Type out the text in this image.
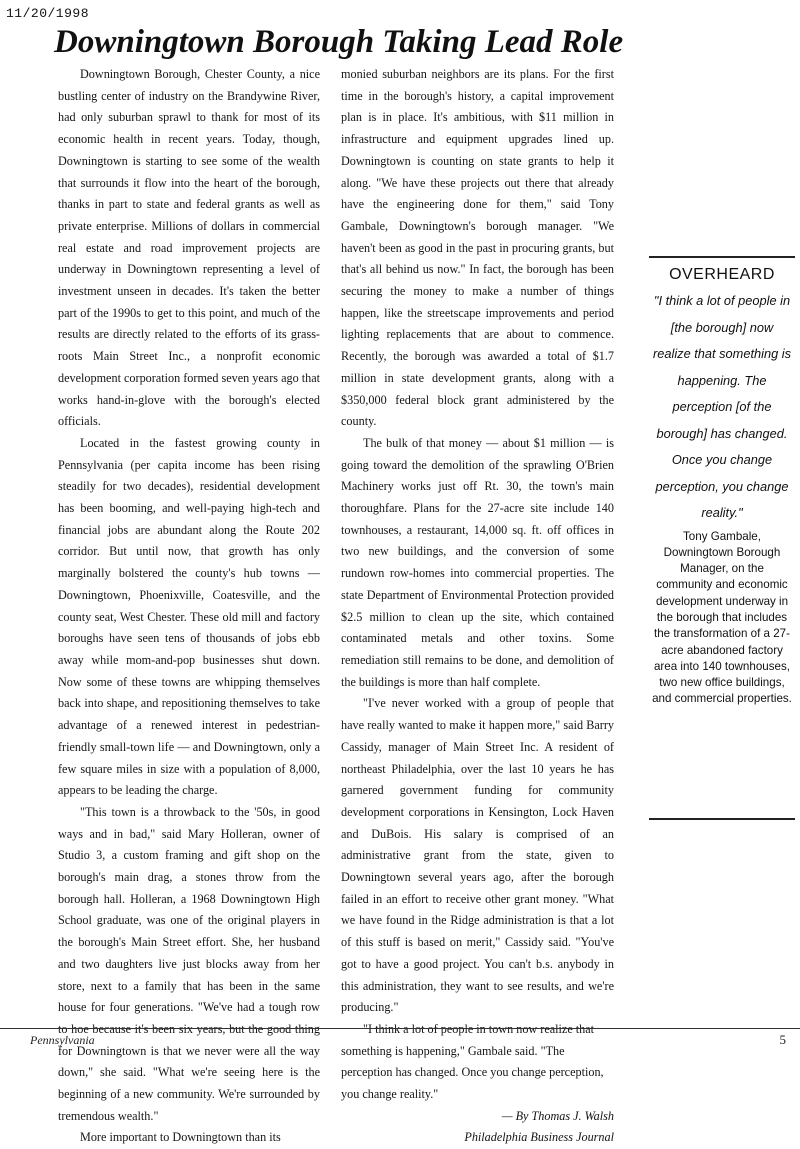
11/20/1998
Downingtown Borough Taking Lead Role

Downingtown Borough, Chester County, a nice bustling center of industry on the Brandywine River, had only suburban sprawl to thank for most of its economic health in recent years. Today, though, Downingtown is starting to see some of the wealth that surrounds it flow into the heart of the borough, thanks in part to state and federal grants as well as private enterprise. Millions of dollars in commercial real estate and road improvement projects are underway in Downingtown representing a level of investment unseen in decades. It's taken the better part of the 1990s to get to this point, and much of the results are directly related to the efforts of its grass-roots Main Street Inc., a nonprofit economic development corporation formed seven years ago that works hand-in-glove with the borough's elected officials.

Located in the fastest growing county in Pennsylvania (per capita income has been rising steadily for two decades), residential development has been booming, and well-paying high-tech and financial jobs are abundant along the Route 202 corridor. But until now, that growth has only marginally bolstered the county's hub towns — Downingtown, Phoenixville, Coatesville, and the county seat, West Chester. These old mill and factory boroughs have seen tens of thousands of jobs ebb away while mom-and-pop businesses shut down. Now some of these towns are whipping themselves back into shape, and repositioning themselves to take advantage of a renewed interest in pedestrian-friendly small-town life — and Downingtown, only a few square miles in size with a population of 8,000, appears to be leading the charge.

"This town is a throwback to the '50s, in good ways and in bad," said Mary Holleran, owner of Studio 3, a custom framing and gift shop on the borough's main drag, a stones throw from the borough hall. Holleran, a 1968 Downingtown High School graduate, was one of the original players in the borough's Main Street effort. She, her husband and two daughters live just blocks away from her store, next to a family that has been in the same house for four generations. "We've had a tough row to hoe because it's been six years, but the good thing for Downingtown is that we never were all the way down," she said. "What we're seeing here is the beginning of a new community. We're surrounded by tremendous wealth."

More important to Downingtown than its

monied suburban neighbors are its plans. For the first time in the borough's history, a capital improvement plan is in place. It's ambitious, with $11 million in infrastructure and equipment upgrades lined up. Downingtown is counting on state grants to help it along. "We have these projects out there that already have the engineering done for them," said Tony Gambale, Downingtown's borough manager. "We haven't been as good in the past in procuring grants, but that's all behind us now." In fact, the borough has been securing the money to make a number of things happen, like the streetscape improvements and period lighting replacements that are about to commence. Recently, the borough was awarded a total of $1.7 million in state development grants, along with a $350,000 federal block grant administered by the county.

The bulk of that money — about $1 million — is going toward the demolition of the sprawling O'Brien Machinery works just off Rt. 30, the town's main thoroughfare. Plans for the 27-acre site include 140 townhouses, a restaurant, 14,000 sq. ft. off offices in two new buildings, and the conversion of some rundown row-homes into commercial properties. The state Department of Environmental Protection provided $2.5 million to clean up the site, which contained contaminated metals and other toxins. Some remediation still remains to be done, and demolition of the buildings is more than half complete.

"I've never worked with a group of people that have really wanted to make it happen more," said Barry Cassidy, manager of Main Street Inc. A resident of northeast Philadelphia, over the last 10 years he has garnered government funding for community development corporations in Kensington, Lock Haven and DuBois. His salary is comprised of an administrative grant from the state, given to Downingtown several years ago, after the borough failed in an effort to receive other grant money. "What we have found in the Ridge administration is that a lot of this stuff is based on merit," Cassidy said. "You've got to have a good project. You can't b.s. anybody in this administration, they want to see results, and we're producing."

"I think a lot of people in town now realize that something is happening," Gambale said. "The perception has changed. Once you change perception, you change reality."

— By Thomas J. Walsh
Philadelphia Business Journal
OVERHEARD
"I think a lot of people in [the borough] now realize that something is happening. The perception [of the borough] has changed. Once you change perception, you change reality."
Tony Gambale, Downingtown Borough Manager, on the community and economic development underway in the borough that includes the transformation of a 27-acre abandoned factory area into 140 townhouses, two new office buildings, and commercial properties.
Pennsylvania	5
